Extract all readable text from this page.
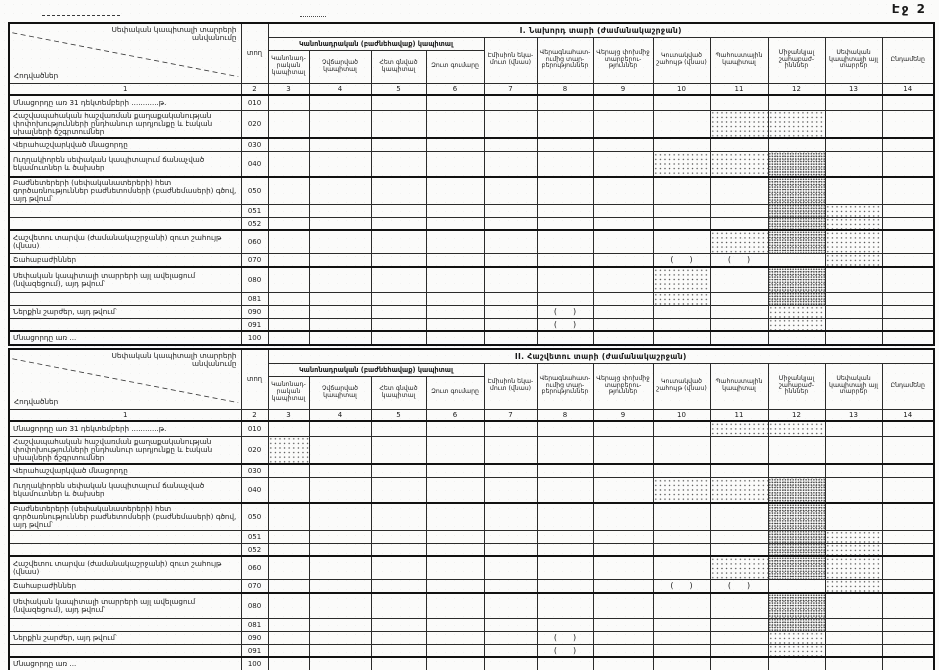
Էջ 2
Սեփական կապիտալի տարրերի անվանումը
Հոդվածներ	տող	I. Նախորդ տարի (ժամանակաշրջան)											
		Կանոնադրական (բաժնեհավաք) կապիտալ				Էմիսիոն եկամուտ (վնաս)	Վերագնահատումից տարբերություններ	Վերայց փոխմիջ տարբերություններ	Կուտակված շահույթ (վնաս)	Պահուստային կապիտալ	Միջանկյալ շահաբաժինններ	Սեփական կապիտալի այլ տարրեր	Ընդամենը
		Կանոնադրական կապիտալ	Չվճարված կապիտալ	Հետ գնված կապիտալ	Զուտ գումարը								
1	2	3	4	5	6	7	8	9	10	11	12	13	14
Մնացորդը առ 31 դեկտեմբերի ............թ.	010												
Հաշվապահական հաշվառման քաղաքականության փոփոխությունների ընդհանուր արդյունքը և էական սխալների ճշգրտումներ	020												
Վերահաշվարկված մնացորդը	030												
Ուղղակիորեն սեփական կապիտալում ճանաչված եկամուտներ և ծախսեր	040												
Բաժնետերերի (սեփականատերերի) հետ գործառնություններ բաժնետոմսերի (բաժնեմասերի) գծով, այդ թվում՝	050												
	051												
	052												
Հաշվետու տարվա (ժամանակաշրջանի) զուտ շահույթ (վնաս)	060												
Շահաբաժիններ	070								( )	( )			

Սեփական կապիտալի տարրերի այլ ավելացում (նվազեցում), այդ թվում՝	080												
	081												
Ներքին շարժեր, այդ թվում՝	090						( )						

	091						( )						

Մնացորդը առ ...	100												
Սեփական կապիտալի տարրերի անվանումը
Հոդվածներ	տող	II. Հաշվետու տարի (ժամանակաշրջան)											
		Կանոնադրական (բաժնեհավաք) կապիտալ				Էմիսիոն եկամուտ (վնաս)	Վերագնահատումից տարբերություններ	Վերայց փոխմիջ տարբերություններ	Կուտակված շահույթ (վնաս)	Պահուստային կապիտալ	Միջանկյալ շահաբաժինններ	Սեփական կապիտալի այլ տարրեր	Ընդամենը
		Կանոնադրական կապիտալ	Չվճարված կապիտալ	Հետ գնված կապիտալ	Զուտ գումարը								
1	2	3	4	5	6	7	8	9	10	11	12	13	14
Մնացորդը առ 31 դեկտեմբերի ............թ.	010												
Հաշվապահական հաշվառման քաղաքականության փոփոխությունների ընդհանուր արդյունքը և էական սխալների ճշգրտումներ	020												
Վերահաշվարկված մնացորդը	030												
Ուղղակիորեն սեփական կապիտալում ճանաչված եկամուտներ և ծախսեր	040												
Բաժնետերերի (սեփականատերերի) հետ գործառնություններ բաժնետոմսերի (բաժնեմասերի) գծով, այդ թվում՝	050												
	051												
	052												
Հաշվետու տարվա (ժամանակաշրջանի) զուտ շահույթ (վնաս)	060												
Շահաբաժիններ	070								( )	( )			

Սեփական կապիտալի տարրերի այլ ավելացում (նվազեցում), այդ թվում՝	080												
	081												
Ներքին շարժեր, այդ թվում՝	090						( )						

	091						( )						

Մնացորդը առ ...	100												
